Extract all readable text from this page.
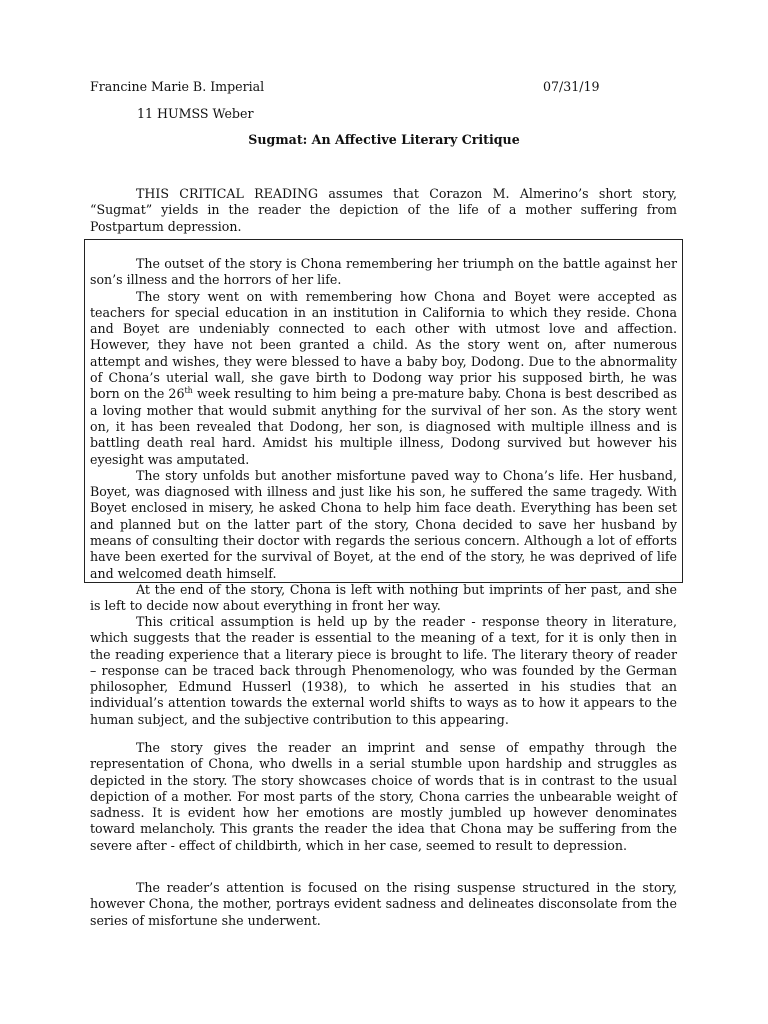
Francine Marie B. Imperial	07/31/19
11 HUMSS Weber
Sugmat: An Affective Literary Critique

THIS CRITICAL READING assumes that Corazon M. Almerino’s short story, “Sugmat” yields in the reader the depiction of the life of a mother suffering from Postpartum depression.

The outset of the story is Chona remembering her triumph on the battle against her son’s illness and the horrors of her life.

The story went on with remembering how Chona and Boyet were accepted as teachers for special education in an institution in California to which they reside. Chona and Boyet are undeniably connected to each other with utmost love and affection. However, they have not been granted a child. As the story went on, after numerous attempt and wishes, they were blessed to have a baby boy, Dodong. Due to the abnormality of Chona’s uterial wall, she gave birth to Dodong way prior his supposed birth, he was born on the 26th week resulting to him being a pre-mature baby. Chona is best described as a loving mother that would submit anything for the survival of her son. As the story went on, it has been revealed that Dodong, her son, is diagnosed with multiple illness and is battling death real hard. Amidst his multiple illness, Dodong survived but however his eyesight was amputated.

The story unfolds but another misfortune paved way to Chona’s life. Her husband, Boyet, was diagnosed with illness and just like his son, he suffered the same tragedy. With Boyet enclosed in misery, he asked Chona to help him face death. Everything has been set and planned but on the latter part of the story, Chona decided to save her husband by means of consulting their doctor with regards the serious concern. Although a lot of efforts have been exerted for the survival of Boyet, at the end of the story, he was deprived of life and welcomed death himself.

At the end of the story, Chona is left with nothing but imprints of her past, and she is left to decide now about everything in front her way.

This critical assumption is held up by the reader - response theory in literature, which suggests that the reader is essential to the meaning of a text, for it is only then in the reading experience that a literary piece is brought to life. The literary theory of reader – response can be traced back through Phenomenology, who was founded by the German philosopher, Edmund Husserl (1938), to which he asserted in his studies that an individual’s attention towards the external world shifts to ways as to how it appears to the human subject, and the subjective contribution to this appearing.

The story gives the reader an imprint and sense of empathy through the representation of Chona, who dwells in a serial stumble upon hardship and struggles as depicted in the story. The story showcases choice of words that is in contrast to the usual depiction of a mother. For most parts of the story, Chona carries the unbearable weight of sadness. It is evident how her emotions are mostly jumbled up however denominates toward melancholy. This grants the reader the idea that Chona may be suffering from the severe after - effect of childbirth, which in her case, seemed to result to depression.

The reader’s attention is focused on the rising suspense structured in the story, however Chona, the mother, portrays evident sadness and delineates disconsolate from the series of misfortune she underwent.
